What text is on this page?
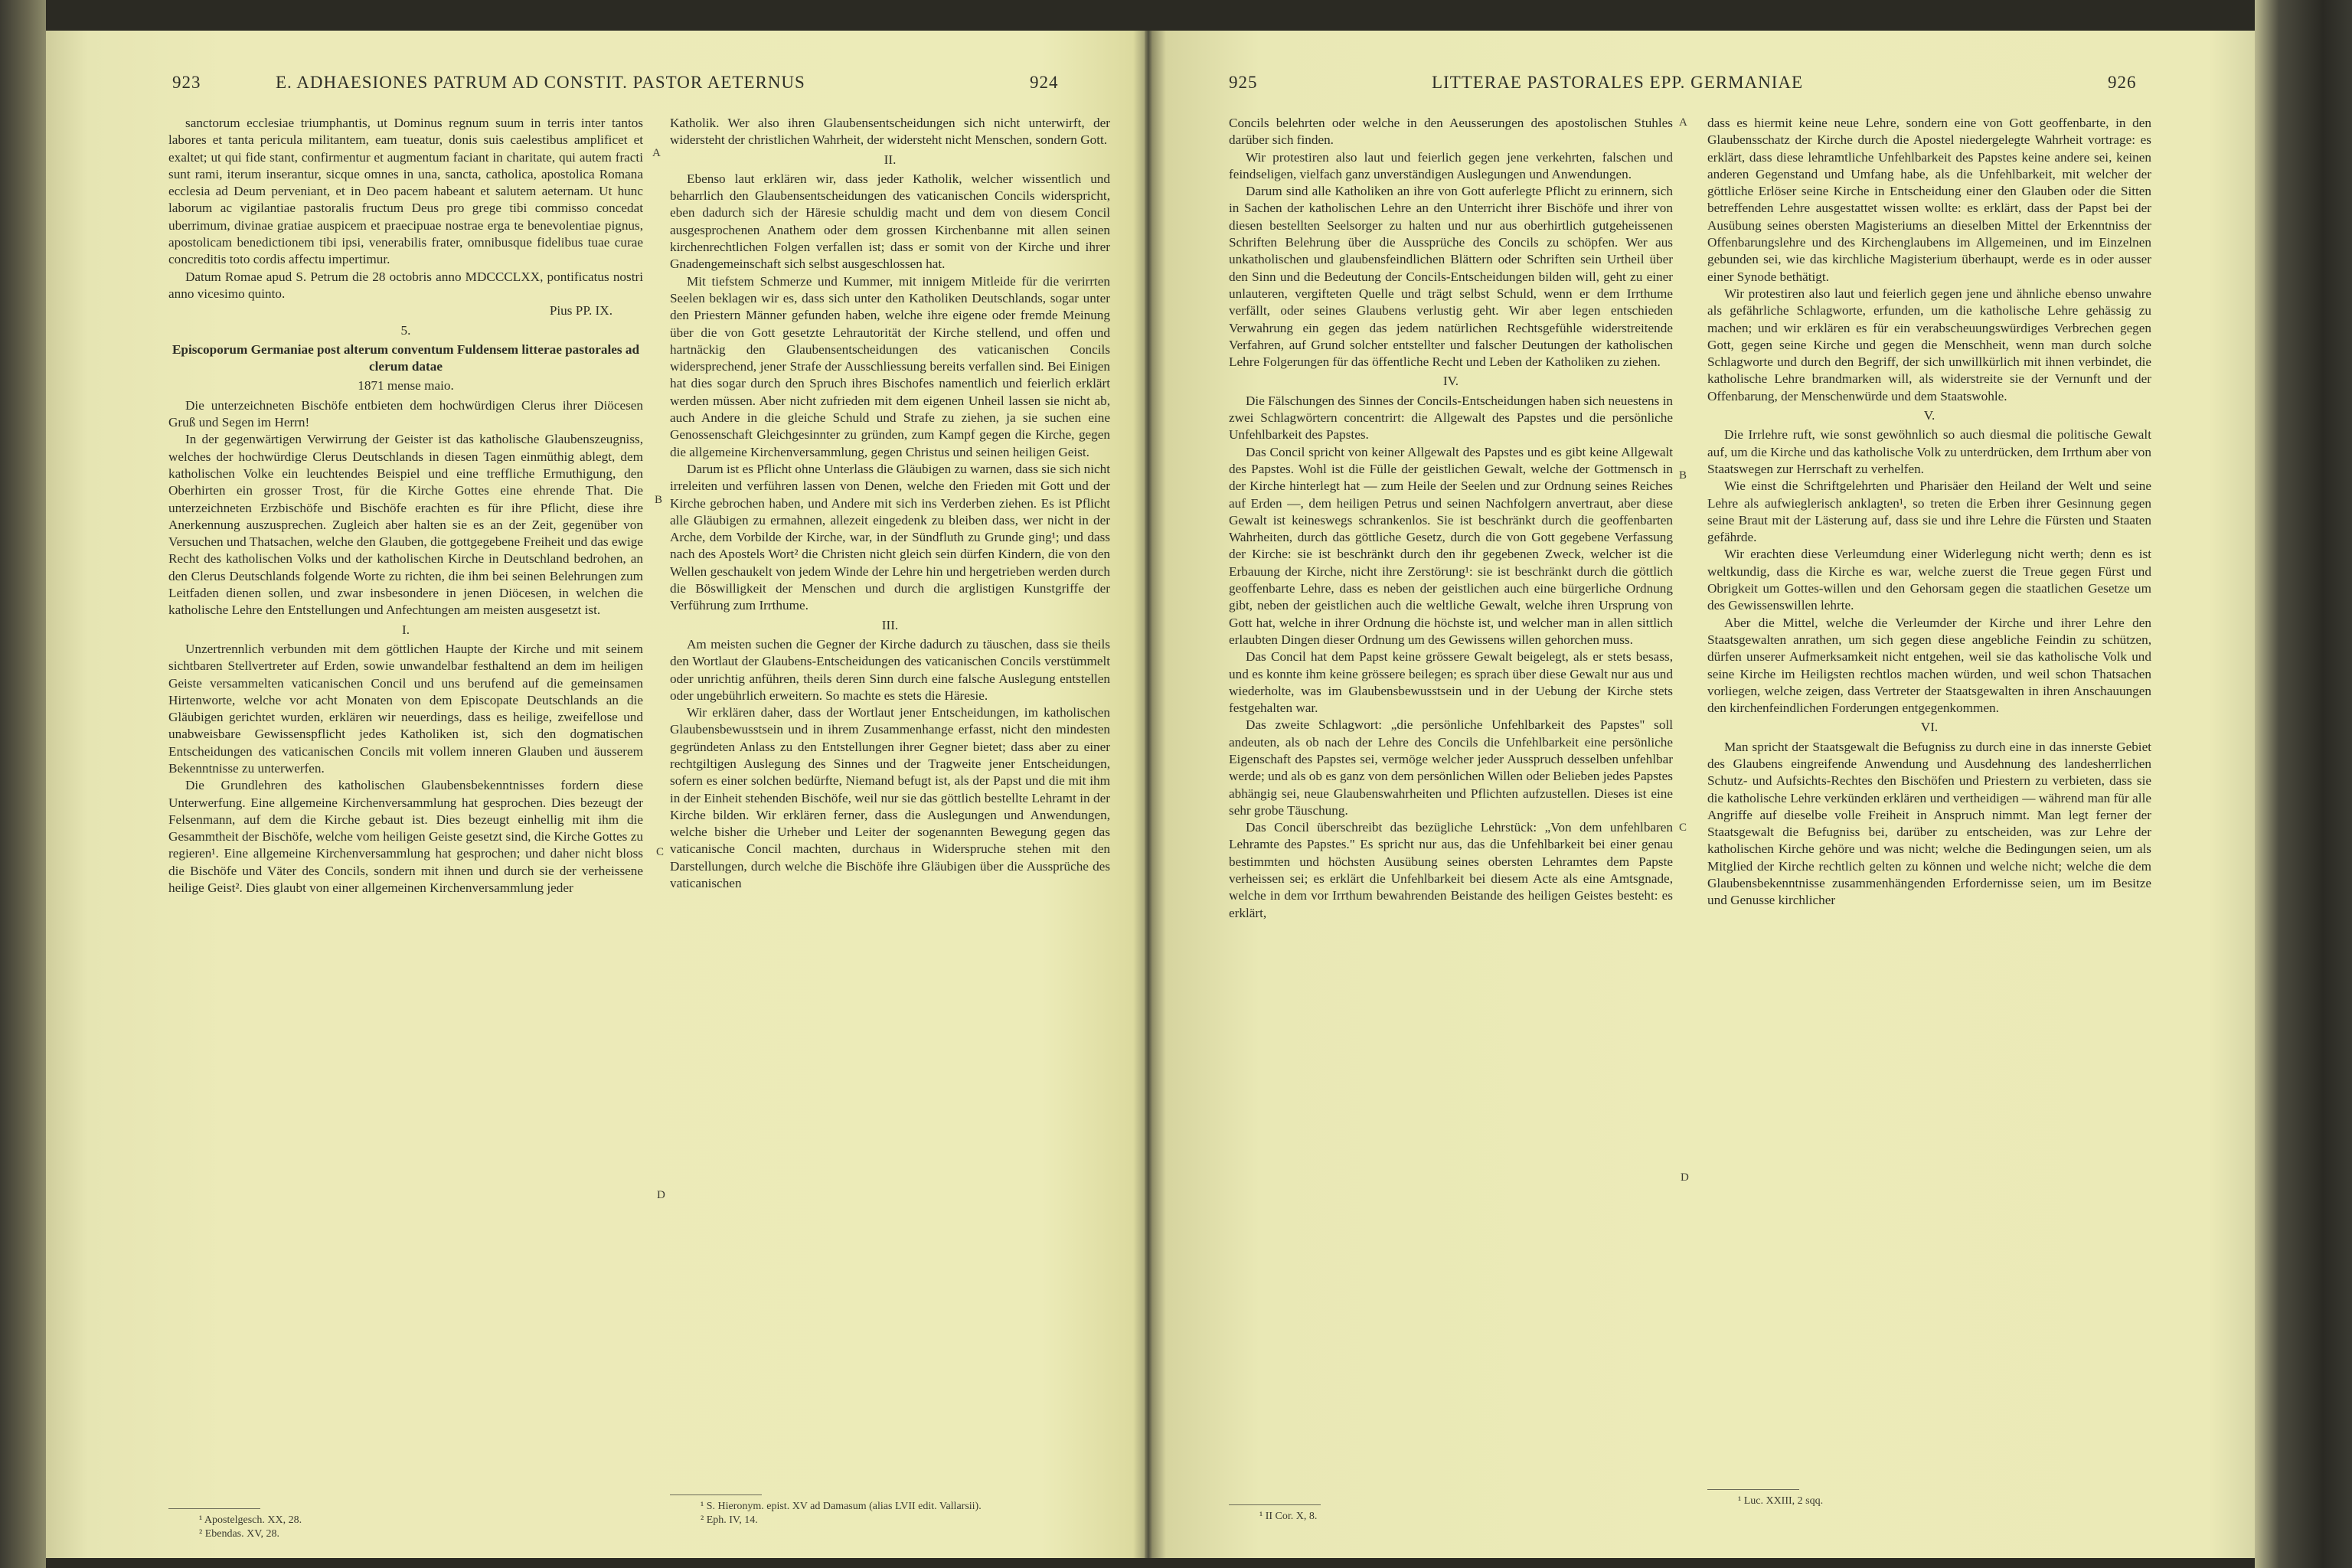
923	E. ADHAESIONES PATRUM AD CONSTIT. PASTOR AETERNUS	924

sanctorum ecclesiae triumphantis, ut Dominus regnum suum in terris inter tantos labores et tanta pericula militantem, eam tueatur, donis suis caelestibus amplificet et exaltet; ut qui fide stant, confirmentur et augmentum faciant in charitate, qui autem fracti sunt rami, iterum inserantur, sicque omnes in una, sancta, catholica, apostolica Romana ecclesia ad Deum perveniant, et in Deo pacem habeant et salutem aeternam. Ut hunc laborum ac vigilantiae pastoralis fructum Deus pro grege tibi commisso concedat uberrimum, divinae gratiae auspicem et praecipuae nostrae erga te benevolentiae pignus, apostolicam benedictionem tibi ipsi, venerabilis frater, omnibusque fidelibus tuae curae concreditis toto cordis affectu impertimur.

Datum Romae apud S. Petrum die 28 octobris anno MDCCCLXX, pontificatus nostri anno vicesimo quinto.

Pius PP. IX.

5.

Episcoporum Germaniae post alterum conventum Fuldensem litterae pastorales ad clerum datae

1871 mense maio.

Die unterzeichneten Bischöfe entbieten dem hochwürdigen Clerus ihrer Diöcesen Gruß und Segen im Herrn!

In der gegenwärtigen Verwirrung der Geister ist das katholische Glaubenszeugniss, welches der hochwürdige Clerus Deutschlands in diesen Tagen einmüthig ablegt, dem katholischen Volke ein leuchtendes Beispiel und eine treffliche Ermuthigung, den Oberhirten ein grosser Trost, für die Kirche Gottes eine ehrende That. Die unterzeichneten Erzbischöfe und Bischöfe erachten es für ihre Pflicht, diese ihre Anerkennung auszusprechen. Zugleich aber halten sie es an der Zeit, gegenüber von Versuchen und Thatsachen, welche den Glauben, die gottgegebene Freiheit und das ewige Recht des katholischen Volks und der katholischen Kirche in Deutschland bedrohen, an den Clerus Deutschlands folgende Worte zu richten, die ihm bei seinen Belehrungen zum Leitfaden dienen sollen, und zwar insbesondere in jenen Diöcesen, in welchen die katholische Lehre den Entstellungen und Anfechtungen am meisten ausgesetzt ist.

I.

Unzertrennlich verbunden mit dem göttlichen Haupte der Kirche und mit seinem sichtbaren Stellvertreter auf Erden, sowie unwandelbar festhaltend an dem im heiligen Geiste versammelten vaticanischen Concil und uns berufend auf die gemeinsamen Hirtenworte, welche vor acht Monaten von dem Episcopate Deutschlands an die Gläubigen gerichtet wurden, erklären wir neuerdings, dass es heilige, zweifellose und unabweisbare Gewissenspflicht jedes Katholiken ist, sich den dogmatischen Entscheidungen des vaticanischen Concils mit vollem inneren Glauben und äusserem Bekenntnisse zu unterwerfen.

Die Grundlehren des katholischen Glaubensbekenntnisses fordern diese Unterwerfung. Eine allgemeine Kirchenversammlung hat gesprochen. Dies bezeugt der Felsenmann, auf dem die Kirche gebaut ist. Dies bezeugt einhellig mit ihm die Gesammtheit der Bischöfe, welche vom heiligen Geiste gesetzt sind, die Kirche Gottes zu regieren¹. Eine allgemeine Kirchenversammlung hat gesprochen; und daher nicht bloss die Bischöfe und Väter des Concils, sondern mit ihnen und durch sie der verheissene heilige Geist². Dies glaubt von einer allgemeinen Kirchenversammlung jeder

Katholik. Wer also ihren Glaubensentscheidungen sich nicht unterwirft, der widersteht der christlichen Wahrheit, der widersteht nicht Menschen, sondern Gott.

II.

Ebenso laut erklären wir, dass jeder Katholik, welcher wissentlich und beharrlich den Glaubensentscheidungen des vaticanischen Concils widerspricht, eben dadurch sich der Häresie schuldig macht und dem von diesem Concil ausgesprochenen Anathem oder dem grossen Kirchenbanne mit allen seinen kirchenrechtlichen Folgen verfallen ist; dass er somit von der Kirche und ihrer Gnadengemeinschaft sich selbst ausgeschlossen hat.

Mit tiefstem Schmerze und Kummer, mit innigem Mitleide für die verirrten Seelen beklagen wir es, dass sich unter den Katholiken Deutschlands, sogar unter den Priestern Männer gefunden haben, welche ihre eigene oder fremde Meinung über die von Gott gesetzte Lehrautorität der Kirche stellend, und offen und hartnäckig den Glaubensentscheidungen des vaticanischen Concils widersprechend, jener Strafe der Ausschliessung bereits verfallen sind. Bei Einigen hat dies sogar durch den Spruch ihres Bischofes namentlich und feierlich erklärt werden müssen. Aber nicht zufrieden mit dem eigenen Unheil lassen sie nicht ab, auch Andere in die gleiche Schuld und Strafe zu ziehen, ja sie suchen eine Genossenschaft Gleichgesinnter zu gründen, zum Kampf gegen die Kirche, gegen die allgemeine Kirchenversammlung, gegen Christus und seinen heiligen Geist.

Darum ist es Pflicht ohne Unterlass die Gläubigen zu warnen, dass sie sich nicht irreleiten und verführen lassen von Denen, welche den Frieden mit Gott und der Kirche gebrochen haben, und Andere mit sich ins Verderben ziehen. Es ist Pflicht alle Gläubigen zu ermahnen, allezeit eingedenk zu bleiben dass, wer nicht in der Arche, dem Vorbilde der Kirche, war, in der Sündfluth zu Grunde ging¹; und dass nach des Apostels Wort² die Christen nicht gleich sein dürfen Kindern, die von den Wellen geschaukelt von jedem Winde der Lehre hin und hergetrieben werden durch die Böswilligkeit der Menschen und durch die arglistigen Kunstgriffe der Verführung zum Irrthume.

III.

Am meisten suchen die Gegner der Kirche dadurch zu täuschen, dass sie theils den Wortlaut der Glaubens-Entscheidungen des vaticanischen Concils verstümmelt oder unrichtig anführen, theils deren Sinn durch eine falsche Auslegung entstellen oder ungebührlich erweitern. So machte es stets die Häresie.

Wir erklären daher, dass der Wortlaut jener Entscheidungen, im katholischen Glaubensbewusstsein und in ihrem Zusammenhange erfasst, nicht den mindesten gegründeten Anlass zu den Entstellungen ihrer Gegner bietet; dass aber zu einer rechtgiltigen Auslegung des Sinnes und der Tragweite jener Entscheidungen, sofern es einer solchen bedürfte, Niemand befugt ist, als der Papst und die mit ihm in der Einheit stehenden Bischöfe, weil nur sie das göttlich bestellte Lehramt in der Kirche bilden. Wir erklären ferner, dass die Auslegungen und Anwendungen, welche bisher die Urheber und Leiter der sogenannten Bewegung gegen das vaticanische Concil machten, durchaus in Widerspruche stehen mit den Darstellungen, durch welche die Bischöfe ihre Gläubigen über die Aussprüche des vaticanischen

A
B
C
D
¹ Apostelgesch. XX, 28.
² Ebendas. XV, 28.
¹ S. Hieronym. epist. XV ad Damasum (alias LVII edit. Vallarsii).
² Eph. IV, 14.
925	LITTERAE PASTORALES EPP. GERMANIAE	926

Concils belehrten oder welche in den Aeusserungen des apostolischen Stuhles darüber sich finden.

Wir protestiren also laut und feierlich gegen jene verkehrten, falschen und feindseligen, vielfach ganz unverständigen Auslegungen und Anwendungen.

Darum sind alle Katholiken an ihre von Gott auferlegte Pflicht zu erinnern, sich in Sachen der katholischen Lehre an den Unterricht ihrer Bischöfe und ihrer von diesen bestellten Seelsorger zu halten und nur aus oberhirtlich gutgeheissenen Schriften Belehrung über die Aussprüche des Concils zu schöpfen. Wer aus unkatholischen und glaubensfeindlichen Blättern oder Schriften sein Urtheil über den Sinn und die Bedeutung der Concils-Entscheidungen bilden will, geht zu einer unlauteren, vergifteten Quelle und trägt selbst Schuld, wenn er dem Irrthume verfällt, oder seines Glaubens verlustig geht. Wir aber legen entschieden Verwahrung ein gegen das jedem natürlichen Rechtsgefühle widerstreitende Verfahren, auf Grund solcher entstellter und falscher Deutungen der katholischen Lehre Folgerungen für das öffentliche Recht und Leben der Katholiken zu ziehen.

IV.

Die Fälschungen des Sinnes der Concils-Entscheidungen haben sich neuestens in zwei Schlagwörtern concentrirt: die Allgewalt des Papstes und die persönliche Unfehlbarkeit des Papstes.

Das Concil spricht von keiner Allgewalt des Papstes und es gibt keine Allgewalt des Papstes. Wohl ist die Fülle der geistlichen Gewalt, welche der Gottmensch in der Kirche hinterlegt hat — zum Heile der Seelen und zur Ordnung seines Reiches auf Erden —, dem heiligen Petrus und seinen Nachfolgern anvertraut, aber diese Gewalt ist keineswegs schrankenlos. Sie ist beschränkt durch die geoffenbarten Wahrheiten, durch das göttliche Gesetz, durch die von Gott gegebene Verfassung der Kirche: sie ist beschränkt durch den ihr gegebenen Zweck, welcher ist die Erbauung der Kirche, nicht ihre Zerstörung¹: sie ist beschränkt durch die göttlich geoffenbarte Lehre, dass es neben der geistlichen auch eine bürgerliche Ordnung gibt, neben der geistlichen auch die weltliche Gewalt, welche ihren Ursprung von Gott hat, welche in ihrer Ordnung die höchste ist, und welcher man in allen sittlich erlaubten Dingen dieser Ordnung um des Gewissens willen gehorchen muss.

Das Concil hat dem Papst keine grössere Gewalt beigelegt, als er stets besass, und es konnte ihm keine grössere beilegen; es sprach über diese Gewalt nur aus und wiederholte, was im Glaubensbewusstsein und in der Uebung der Kirche stets festgehalten war.

Das zweite Schlagwort: „die persönliche Unfehlbarkeit des Papstes" soll andeuten, als ob nach der Lehre des Concils die Unfehlbarkeit eine persönliche Eigenschaft des Papstes sei, vermöge welcher jeder Ausspruch desselben unfehlbar werde; und als ob es ganz von dem persönlichen Willen oder Belieben jedes Papstes abhängig sei, neue Glaubenswahrheiten und Pflichten aufzustellen. Dieses ist eine sehr grobe Täuschung.

Das Concil überschreibt das bezügliche Lehrstück: „Von dem unfehlbaren Lehramte des Papstes." Es spricht nur aus, das die Unfehlbarkeit bei einer genau bestimmten und höchsten Ausübung seines obersten Lehramtes dem Papste verheissen sei; es erklärt die Unfehlbarkeit bei diesem Acte als eine Amtsgnade, welche in dem vor Irrthum bewahrenden Beistande des heiligen Geistes besteht: es erklärt,

dass es hiermit keine neue Lehre, sondern eine von Gott geoffenbarte, in den Glaubensschatz der Kirche durch die Apostel niedergelegte Wahrheit vortrage: es erklärt, dass diese lehramtliche Unfehlbarkeit des Papstes keine andere sei, keinen anderen Gegenstand und Umfang habe, als die Unfehlbarkeit, mit welcher der göttliche Erlöser seine Kirche in Entscheidung einer den Glauben oder die Sitten betreffenden Lehre ausgestattet wissen wollte: es erklärt, dass der Papst bei der Ausübung seines obersten Magisteriums an dieselben Mittel der Erkenntniss der Offenbarungslehre und des Kirchenglaubens im Allgemeinen, und im Einzelnen gebunden sei, wie das kirchliche Magisterium überhaupt, werde es in oder ausser einer Synode bethätigt.

Wir protestiren also laut und feierlich gegen jene und ähnliche ebenso unwahre als gefährliche Schlagworte, erfunden, um die katholische Lehre gehässig zu machen; und wir erklären es für ein verabscheuungswürdiges Verbrechen gegen Gott, gegen seine Kirche und gegen die Menschheit, wenn man durch solche Schlagworte und durch den Begriff, der sich unwillkürlich mit ihnen verbindet, die katholische Lehre brandmarken will, als widerstreite sie der Vernunft und der Offenbarung, der Menschenwürde und dem Staatswohle.

V.

Die Irrlehre ruft, wie sonst gewöhnlich so auch diesmal die politische Gewalt auf, um die Kirche und das katholische Volk zu unterdrücken, dem Irrthum aber von Staatswegen zur Herrschaft zu verhelfen.

Wie einst die Schriftgelehrten und Pharisäer den Heiland der Welt und seine Lehre als aufwieglerisch anklagten¹, so treten die Erben ihrer Gesinnung gegen seine Braut mit der Lästerung auf, dass sie und ihre Lehre die Fürsten und Staaten gefährde.

Wir erachten diese Verleumdung einer Widerlegung nicht werth; denn es ist weltkundig, dass die Kirche es war, welche zuerst die Treue gegen Fürst und Obrigkeit um Gottes-willen und den Gehorsam gegen die staatlichen Gesetze um des Gewissenswillen lehrte.

Aber die Mittel, welche die Verleumder der Kirche und ihrer Lehre den Staatsgewalten anrathen, um sich gegen diese angebliche Feindin zu schützen, dürfen unserer Aufmerksamkeit nicht entgehen, weil sie das katholische Volk und seine Kirche im Heiligsten rechtlos machen würden, und weil schon Thatsachen vorliegen, welche zeigen, dass Vertreter der Staatsgewalten in ihren Anschauungen den kirchenfeindlichen Forderungen entgegenkommen.

VI.

Man spricht der Staatsgewalt die Befugniss zu durch eine in das innerste Gebiet des Glaubens eingreifende Anwendung und Ausdehnung des landesherrlichen Schutz- und Aufsichts-Rechtes den Bischöfen und Priestern zu verbieten, dass sie die katholische Lehre verkünden erklären und vertheidigen — während man für alle Angriffe auf dieselbe volle Freiheit in Anspruch nimmt. Man legt ferner der Staatsgewalt die Befugniss bei, darüber zu entscheiden, was zur Lehre der katholischen Kirche gehöre und was nicht; welche die Bedingungen seien, um als Mitglied der Kirche rechtlich gelten zu können und welche nicht; welche die dem Glaubensbekenntnisse zusammenhängenden Erfordernisse seien, um im Besitze und Genusse kirchlicher

A
B
C
D
¹ II Cor. X, 8.
¹ Luc. XXIII, 2 sqq.
